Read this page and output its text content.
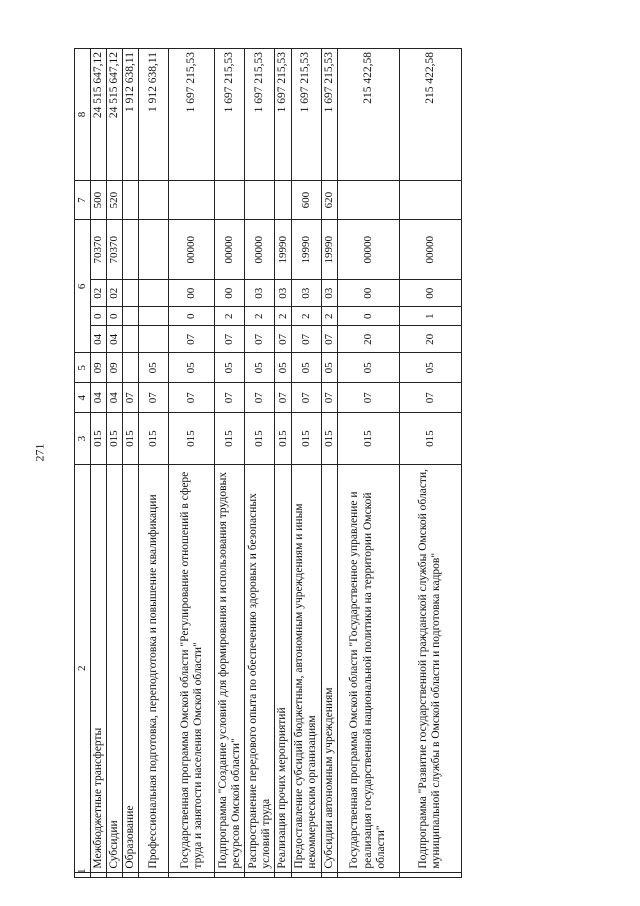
271
1	2	3	4	5	6				7	8
	Межбюджетные трансферты	015	04	09	04	0	02	70370	500	24 515 647,12
	Субсидии	015	04	09	04	0	02	70370	520	24 515 647,12
	Образование	015	07							1 912 638,11
	Профессиональная подготовка, переподготовка и повышение квалификации	015	07	05						1 912 638,11
	Государственная программа Омской области "Регулирование отношений в сфере труда и занятости населения Омской области"	015	07	05	07	0	00	00000		1 697 215,53
	Подпрограмма "Создание условий для формирования и использования трудовых ресурсов Омской области"	015	07	05	07	2	00	00000		1 697 215,53
	Распространение передового опыта по обеспечению здоровых и безопасных условий труда	015	07	05	07	2	03	00000		1 697 215,53
	Реализация прочих мероприятий	015	07	05	07	2	03	19990		1 697 215,53
	Предоставление субсидий бюджетным, автономным учреждениям и иным некоммерческим организациям	015	07	05	07	2	03	19990	600	1 697 215,53
	Субсидии автономным учреждениям	015	07	05	07	2	03	19990	620	1 697 215,53
	Государственная программа Омской области "Государственное управление и реализация государственной национальной политики на территории Омской области"	015	07	05	20	0	00	00000		215 422,58
	Подпрограмма "Развитие государственной гражданской службы Омской области, муниципальной службы в Омской области и подготовка кадров"	015	07	05	20	1	00	00000		215 422,58
